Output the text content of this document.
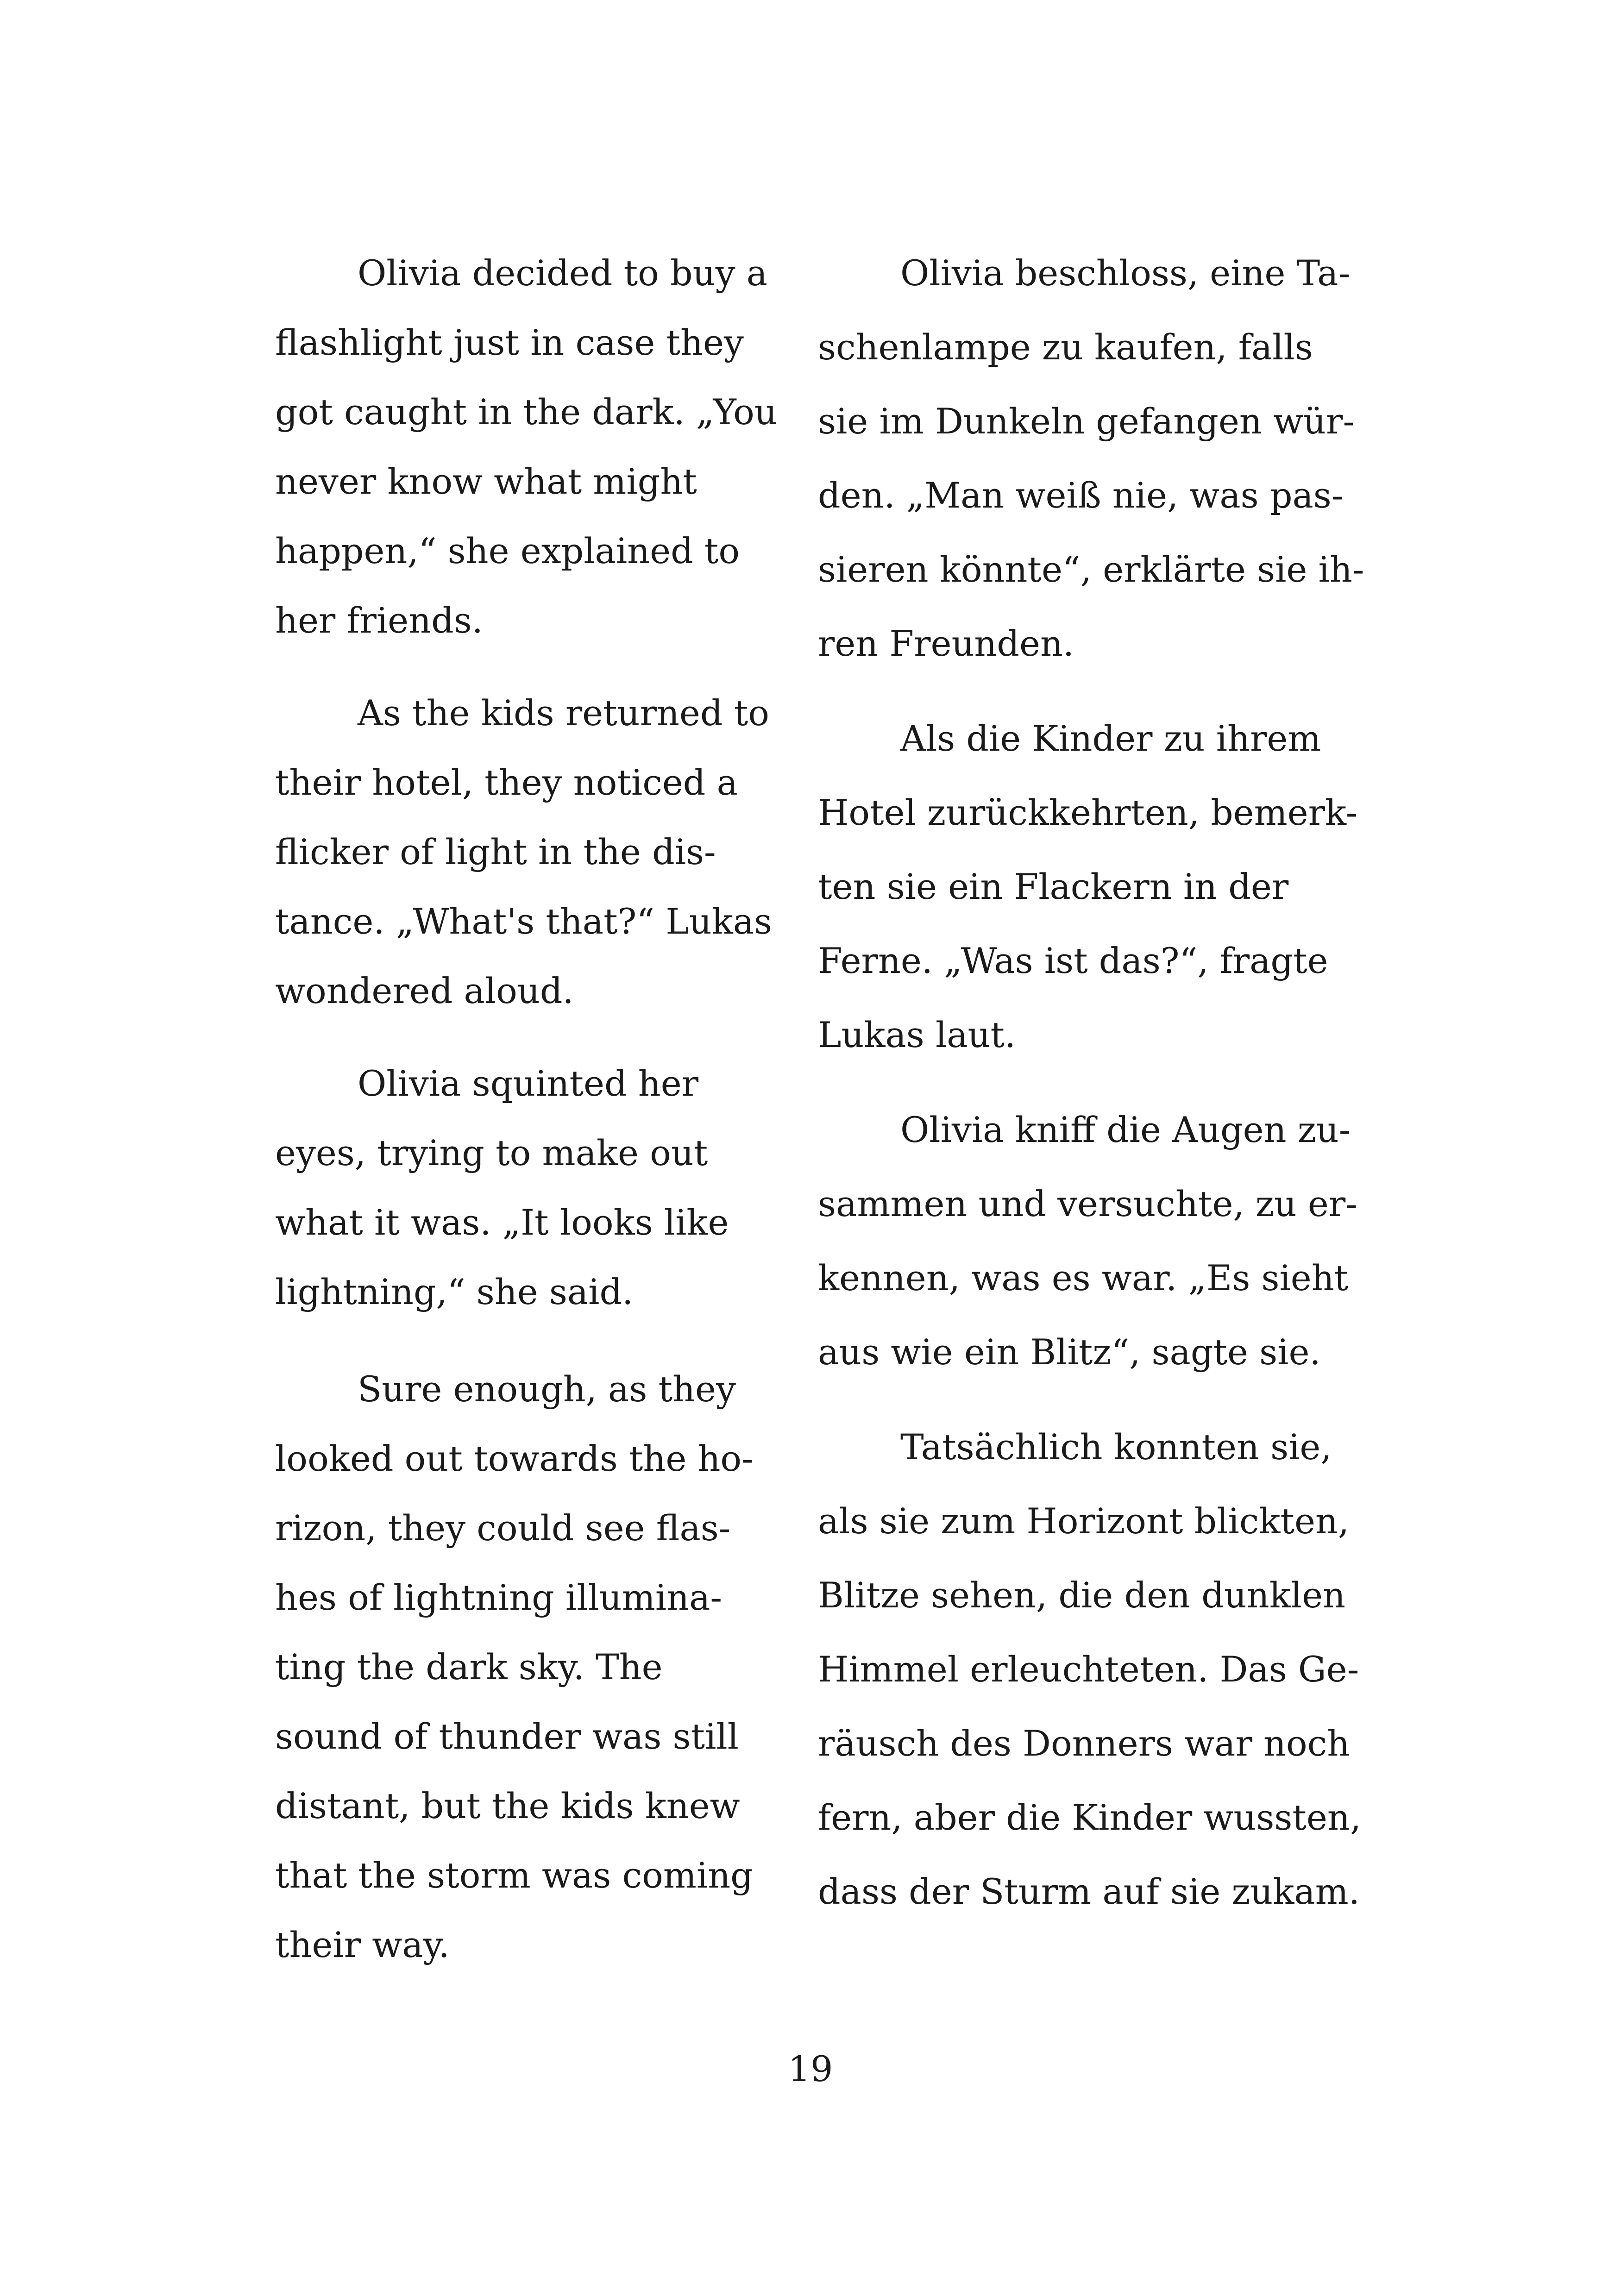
Olivia decided to buy a
flashlight just in case they
got caught in the dark. „You
never know what might
happen,“ she explained to
her friends.
As the kids returned to
their hotel, they noticed a
flicker of light in the dis-
tance. „What's that?“ Lukas
wondered aloud.
Olivia squinted her
eyes, trying to make out
what it was. „It looks like
lightning,“ she said.
Sure enough, as they
looked out towards the ho-
rizon, they could see flas-
hes of lightning illumina-
ting the dark sky. The
sound of thunder was still
distant, but the kids knew
that the storm was coming
their way.
Olivia beschloss, eine Ta-
schenlampe zu kaufen, falls
sie im Dunkeln gefangen wür-
den. „Man weiß nie, was pas-
sieren könnte“, erklärte sie ih-
ren Freunden.
Als die Kinder zu ihrem
Hotel zurückkehrten, bemerk-
ten sie ein Flackern in der
Ferne. „Was ist das?“, fragte
Lukas laut.
Olivia kniff die Augen zu-
sammen und versuchte, zu er-
kennen, was es war. „Es sieht
aus wie ein Blitz“, sagte sie.
Tatsächlich konnten sie,
als sie zum Horizont blickten,
Blitze sehen, die den dunklen
Himmel erleuchteten. Das Ge-
räusch des Donners war noch
fern, aber die Kinder wussten,
dass der Sturm auf sie zukam.
19
